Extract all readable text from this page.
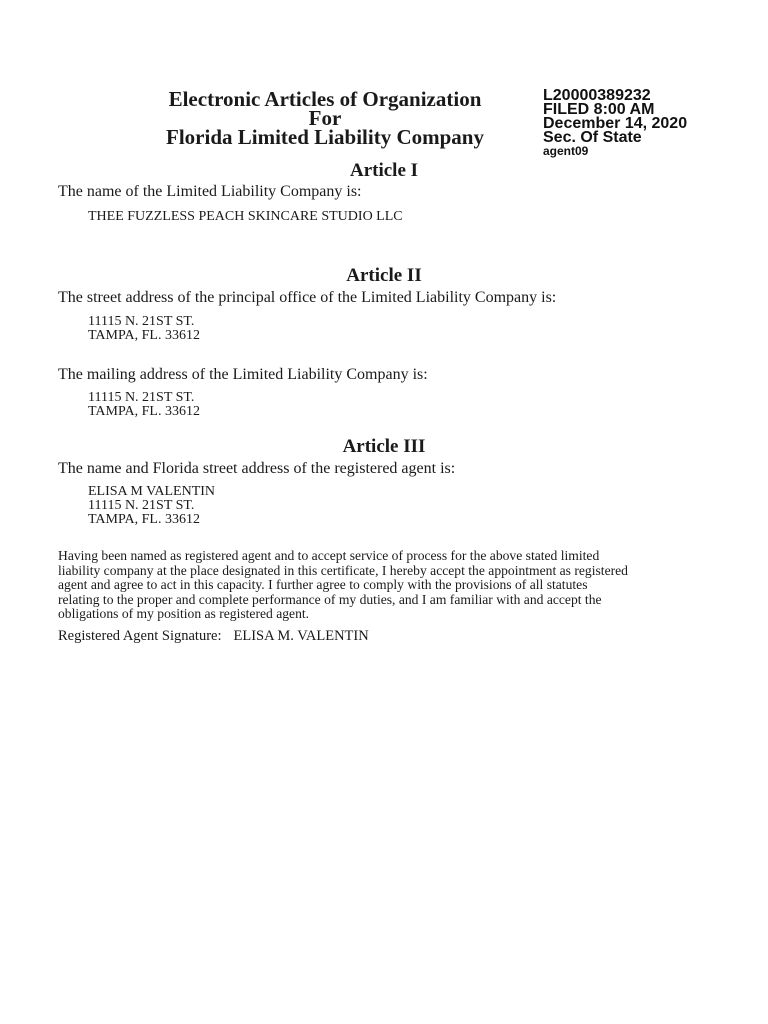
Electronic Articles of Organization
For
Florida Limited Liability Company
L20000389232
FILED 8:00 AM
December 14, 2020
Sec. Of State
agent09
Article I
The name of the Limited Liability Company is:
THEE FUZZLESS PEACH SKINCARE STUDIO LLC
Article II
The street address of the principal office of the Limited Liability Company is:
11115 N. 21ST ST.
TAMPA, FL. 33612
The mailing address of the Limited Liability Company is:
11115 N. 21ST ST.
TAMPA, FL. 33612
Article III
The name and Florida street address of the registered agent is:
ELISA M VALENTIN
11115 N. 21ST ST.
TAMPA, FL. 33612
Having been named as registered agent and to accept service of process for the above stated limited
liability company at the place designated in this certificate, I hereby accept the appointment as registered
agent and agree to act in this capacity. I further agree to comply with the provisions of all statutes
relating to the proper and complete performance of my duties, and I am familiar with and accept the
obligations of my position as registered agent.
Registered Agent Signature: ELISA M. VALENTIN
